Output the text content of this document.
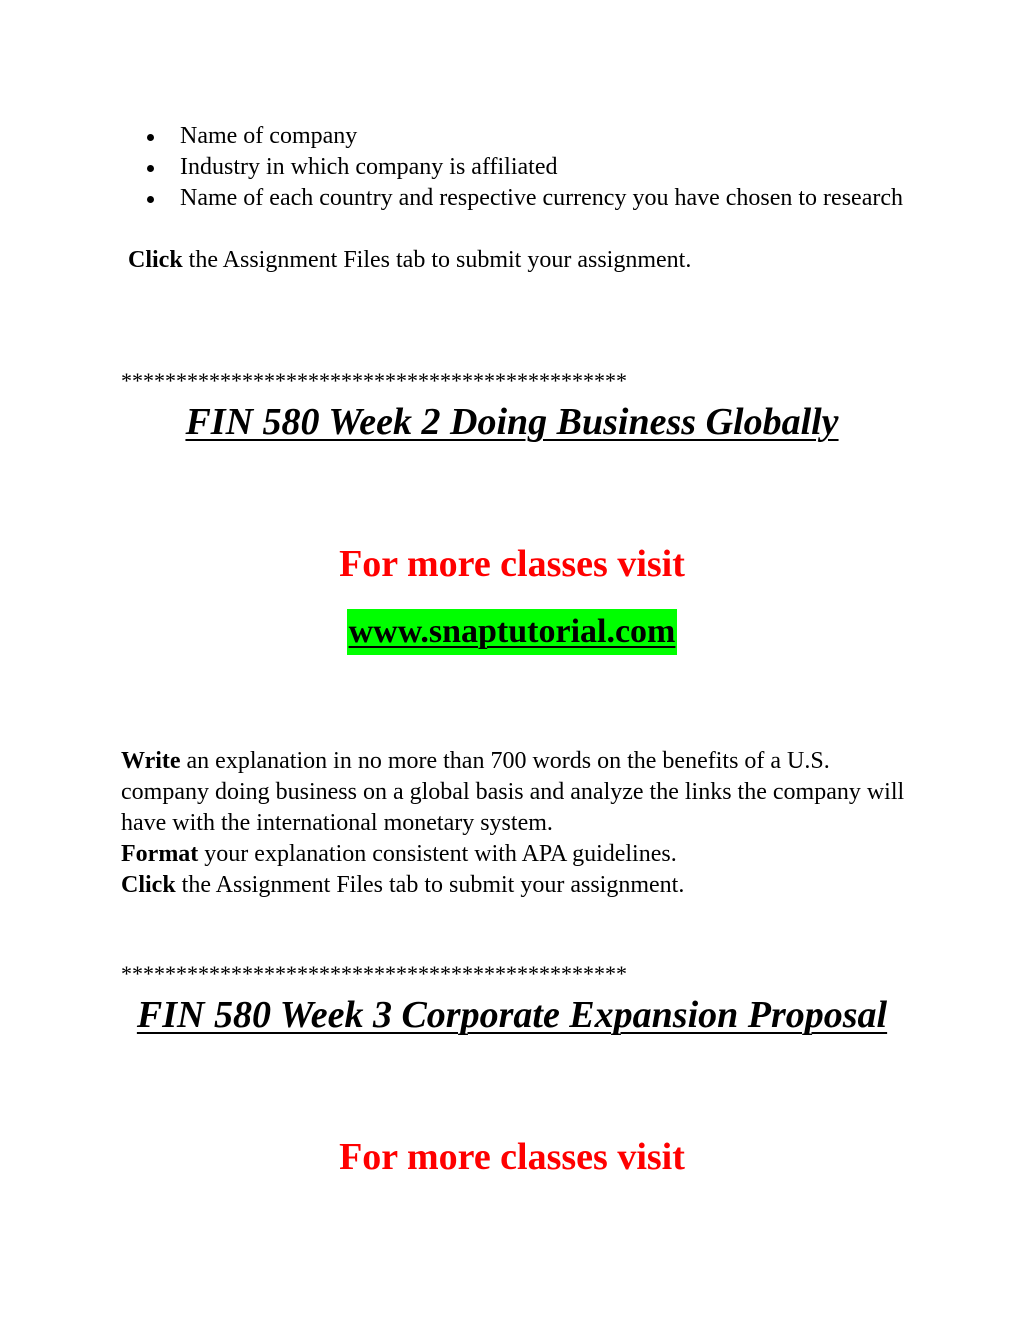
Name of company
Industry in which company is affiliated
Name of each country and respective currency you have chosen to research

Click the Assignment Files tab to submit your assignment.

**********************************************
FIN 580 Week 2 Doing Business Globally
For more classes visit
www.snaptutorial.com

Write an explanation in no more than 700 words on the benefits of a U.S. company doing business on a global basis and analyze the links the company will have with the international monetary system.
Format your explanation consistent with APA guidelines.
Click the Assignment Files tab to submit your assignment.

**********************************************
FIN 580 Week 3 Corporate Expansion Proposal
For more classes visit
